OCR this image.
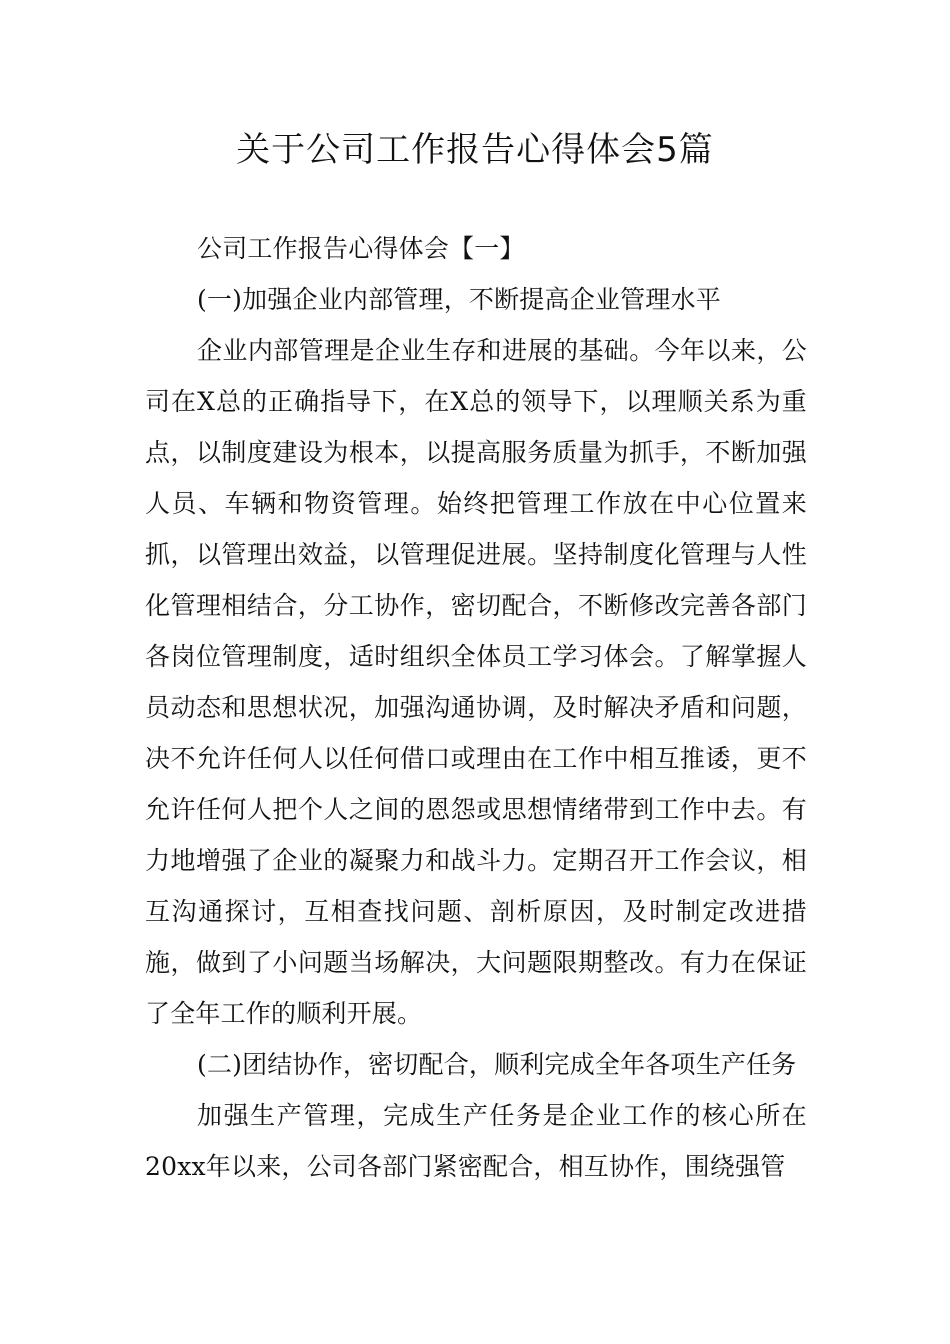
关于公司工作报告心得体会5篇

公司工作报告心得体会【一】

(一)加强企业内部管理，不断提高企业管理水平

企业内部管理是企业生存和进展的基础。今年以来，公司在X总的正确指导下，在X总的领导下，以理顺关系为重点，以制度建设为根本，以提高服务质量为抓手，不断加强人员、车辆和物资管理。始终把管理工作放在中心位置来抓，以管理出效益，以管理促进展。坚持制度化管理与人性化管理相结合，分工协作，密切配合，不断修改完善各部门各岗位管理制度，适时组织全体员工学习体会。了解掌握人员动态和思想状况，加强沟通协调，及时解决矛盾和问题，决不允许任何人以任何借口或理由在工作中相互推诿，更不允许任何人把个人之间的恩怨或思想情绪带到工作中去。有力地增强了企业的凝聚力和战斗力。定期召开工作会议，相互沟通探讨，互相查找问题、剖析原因，及时制定改进措施，做到了小问题当场解决，大问题限期整改。有力在保证了全年工作的顺利开展。

(二)团结协作，密切配合，顺利完成全年各项生产任务

加强生产管理，完成生产任务是企业工作的核心所在20xx年以来，公司各部门紧密配合，相互协作，围绕强管
